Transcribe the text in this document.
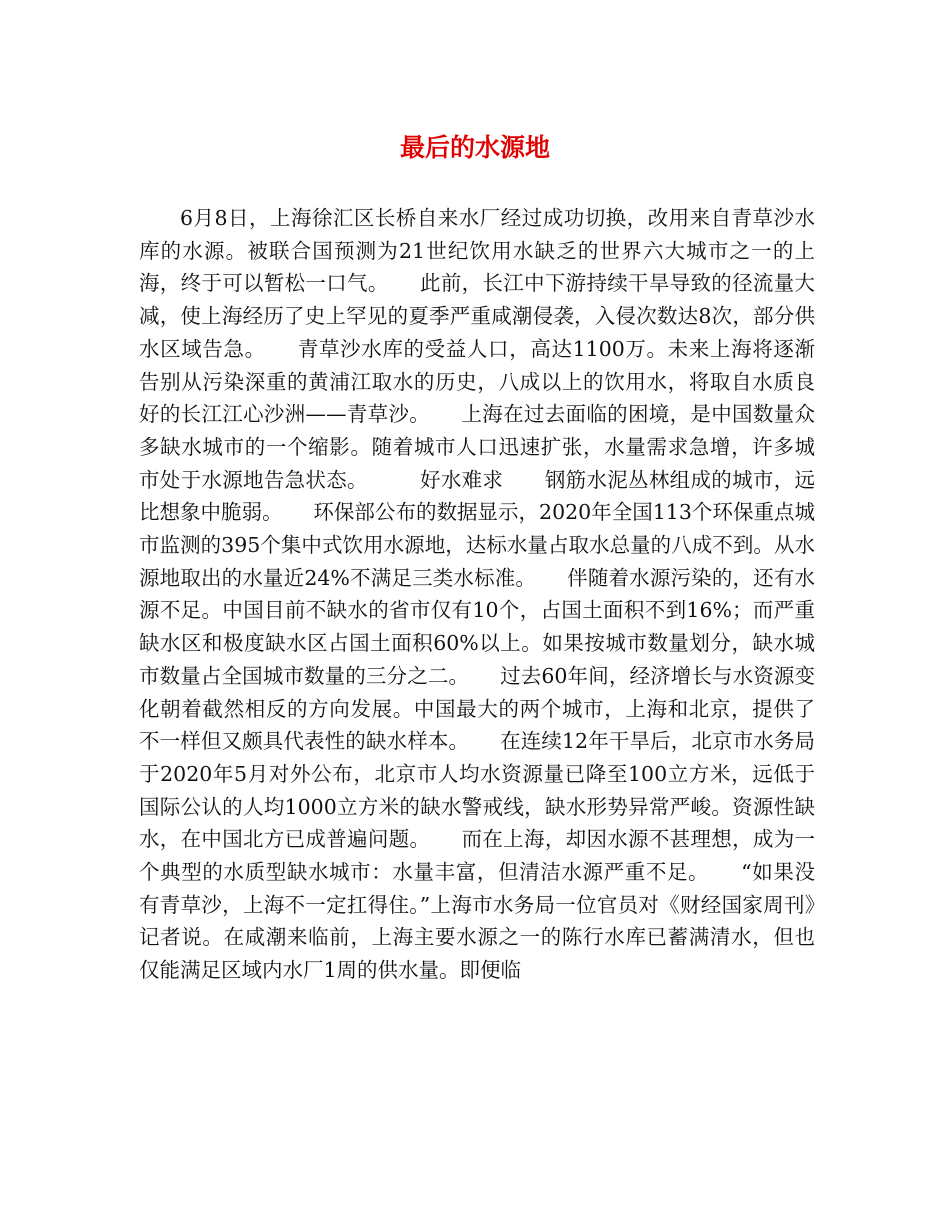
最后的水源地

6月8日，上海徐汇区长桥自来水厂经过成功切换，改用来自青草沙水库的水源。被联合国预测为21世纪饮用水缺乏的世界六大城市之一的上海，终于可以暂松一口气。　　此前，长江中下游持续干旱导致的径流量大减，使上海经历了史上罕见的夏季严重咸潮侵袭，入侵次数达8次，部分供水区域告急。　　青草沙水库的受益人口，高达1100万。未来上海将逐渐告别从污染深重的黄浦江取水的历史，八成以上的饮用水，将取自水质良好的长江江心沙洲——青草沙。　　上海在过去面临的困境，是中国数量众多缺水城市的一个缩影。随着城市人口迅速扩张，水量需求急增，许多城市处于水源地告急状态。　　　好水难求　　钢筋水泥丛林组成的城市，远比想象中脆弱。　　环保部公布的数据显示，2020年全国113个环保重点城市监测的395个集中式饮用水源地，达标水量占取水总量的八成不到。从水源地取出的水量近24%不满足三类水标准。　　伴随着水源污染的，还有水源不足。中国目前不缺水的省市仅有10个，占国土面积不到16%；而严重缺水区和极度缺水区占国土面积60%以上。如果按城市数量划分，缺水城市数量占全国城市数量的三分之二。　　过去60年间，经济增长与水资源变化朝着截然相反的方向发展。中国最大的两个城市，上海和北京，提供了不一样但又颇具代表性的缺水样本。　　在连续12年干旱后，北京市水务局于2020年5月对外公布，北京市人均水资源量已降至100立方米，远低于国际公认的人均1000立方米的缺水警戒线，缺水形势异常严峻。资源性缺水，在中国北方已成普遍问题。　　而在上海，却因水源不甚理想，成为一个典型的水质型缺水城市：水量丰富，但清洁水源严重不足。　　“如果没有青草沙，上海不一定扛得住。”上海市水务局一位官员对《财经国家周刊》记者说。在咸潮来临前，上海主要水源之一的陈行水库已蓄满清水，但也仅能满足区域内水厂1周的供水量。即便临
